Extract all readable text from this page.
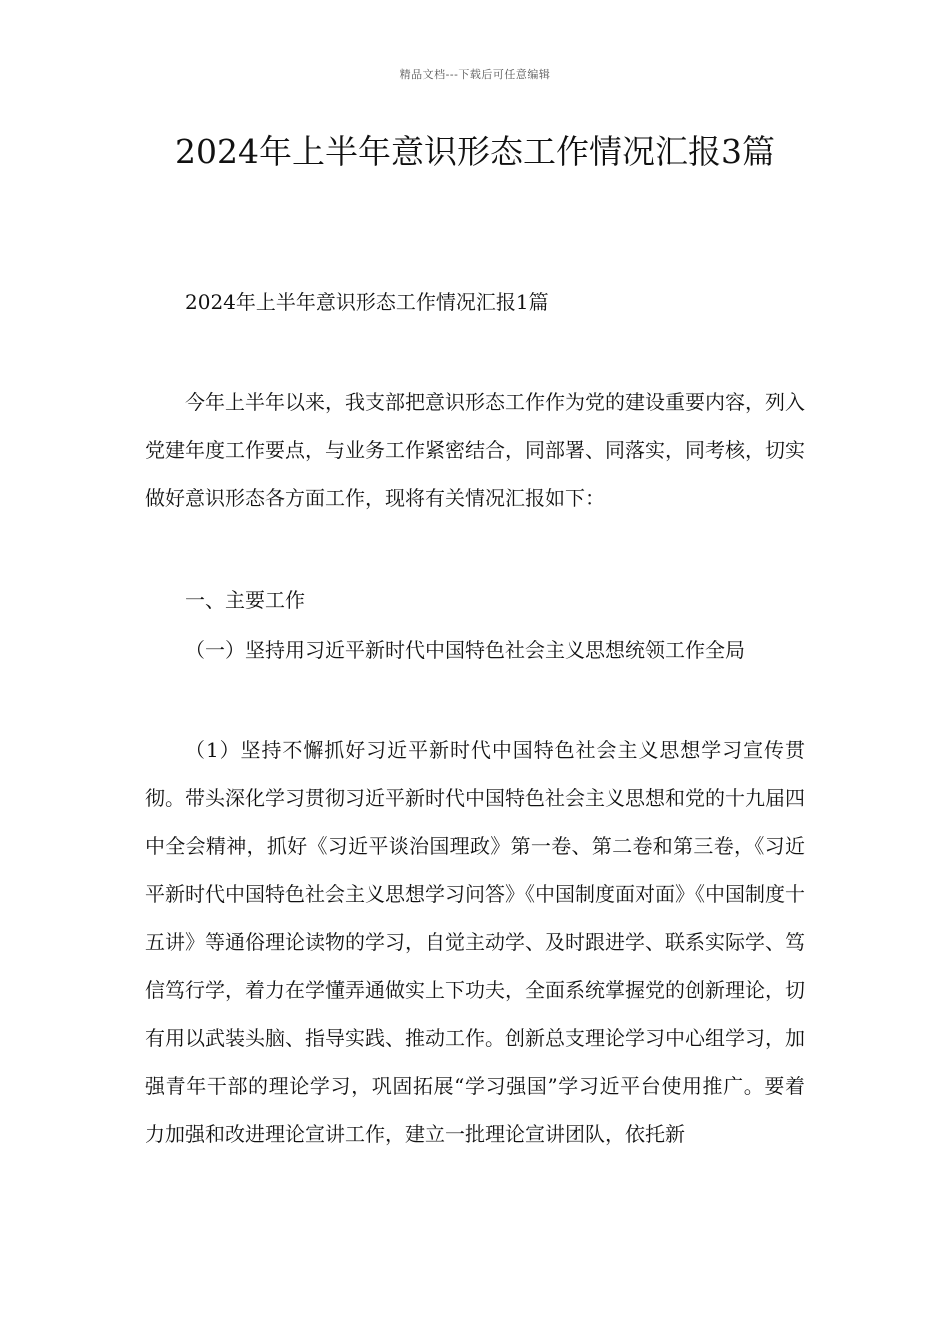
精品文档---下载后可任意编辑
2024年上半年意识形态工作情况汇报3篇

2024年上半年意识形态工作情况汇报1篇

今年上半年以来，我支部把意识形态工作作为党的建设重要内容，列入党建年度工作要点，与业务工作紧密结合，同部署、同落实，同考核，切实做好意识形态各方面工作，现将有关情况汇报如下：

一、主要工作

（一）坚持用习近平新时代中国特色社会主义思想统领工作全局

（1）坚持不懈抓好习近平新时代中国特色社会主义思想学习宣传贯彻。带头深化学习贯彻习近平新时代中国特色社会主义思想和党的十九届四中全会精神，抓好《习近平谈治国理政》第一卷、第二卷和第三卷，《习近平新时代中国特色社会主义思想学习问答》《中国制度面对面》《中国制度十五讲》等通俗理论读物的学习，自觉主动学、及时跟进学、联系实际学、笃信笃行学，着力在学懂弄通做实上下功夫，全面系统掌握党的创新理论，切有用以武装头脑、指导实践、推动工作。创新总支理论学习中心组学习，加强青年干部的理论学习，巩固拓展“学习强国”学习近平台使用推广。要着力加强和改进理论宣讲工作，建立一批理论宣讲团队，依托新
